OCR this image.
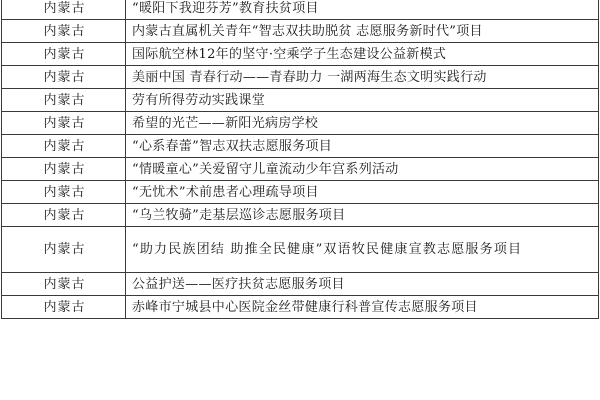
内蒙古	“暖阳下我迎芬芳”教育扶贫项目
内蒙古	内蒙古直属机关青年“智志双扶助脱贫 志愿服务新时代”项目
内蒙古	国际航空林12年的坚守·空乘学子生态建设公益新模式
内蒙古	美丽中国 青春行动——青春助力 一湖两海生态文明实践行动
内蒙古	劳有所得劳动实践课堂
内蒙古	希望的光芒——新阳光病房学校
内蒙古	“心系春蕾”智志双扶志愿服务项目
内蒙古	“情暖童心”关爱留守儿童流动少年宫系列活动
内蒙古	“无忧术”术前患者心理疏导项目
内蒙古	“乌兰牧骑”走基层巡诊志愿服务项目
内蒙古	“助力民族团结 助推全民健康”双语牧民健康宣教志愿服务项目
内蒙古	公益护送——医疗扶贫志愿服务项目
内蒙古	赤峰市宁城县中心医院金丝带健康行科普宣传志愿服务项目
